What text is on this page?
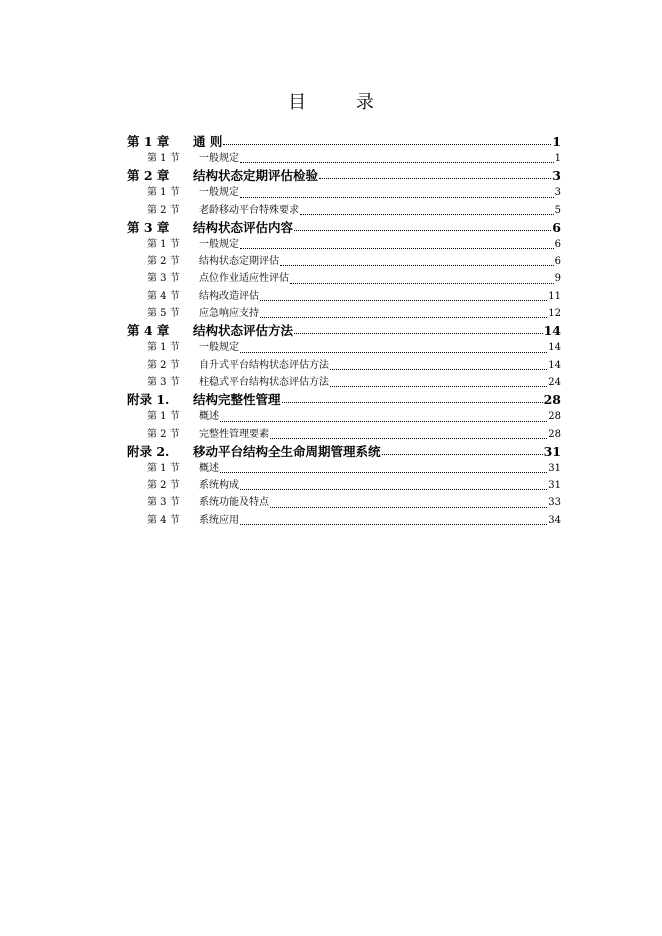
目 录
第 1 章	通 则	1
第 1 节	一般规定	1
第 2 章	结构状态定期评估检验	3
第 1 节	一般规定	3
第 2 节	老龄移动平台特殊要求	5
第 3 章	结构状态评估内容	6
第 1 节	一般规定	6
第 2 节	结构状态定期评估	6
第 3 节	点位作业适应性评估	9
第 4 节	结构改造评估	11
第 5 节	应急响应支持	12
第 4 章	结构状态评估方法	14
第 1 节	一般规定	14
第 2 节	自升式平台结构状态评估方法	14
第 3 节	柱稳式平台结构状态评估方法	24
附录 1.	结构完整性管理	28
第 1 节	概述	28
第 2 节	完整性管理要素	28
附录 2.	移动平台结构全生命周期管理系统	31
第 1 节	概述	31
第 2 节	系统构成	31
第 3 节	系统功能及特点	33
第 4 节	系统应用	34
